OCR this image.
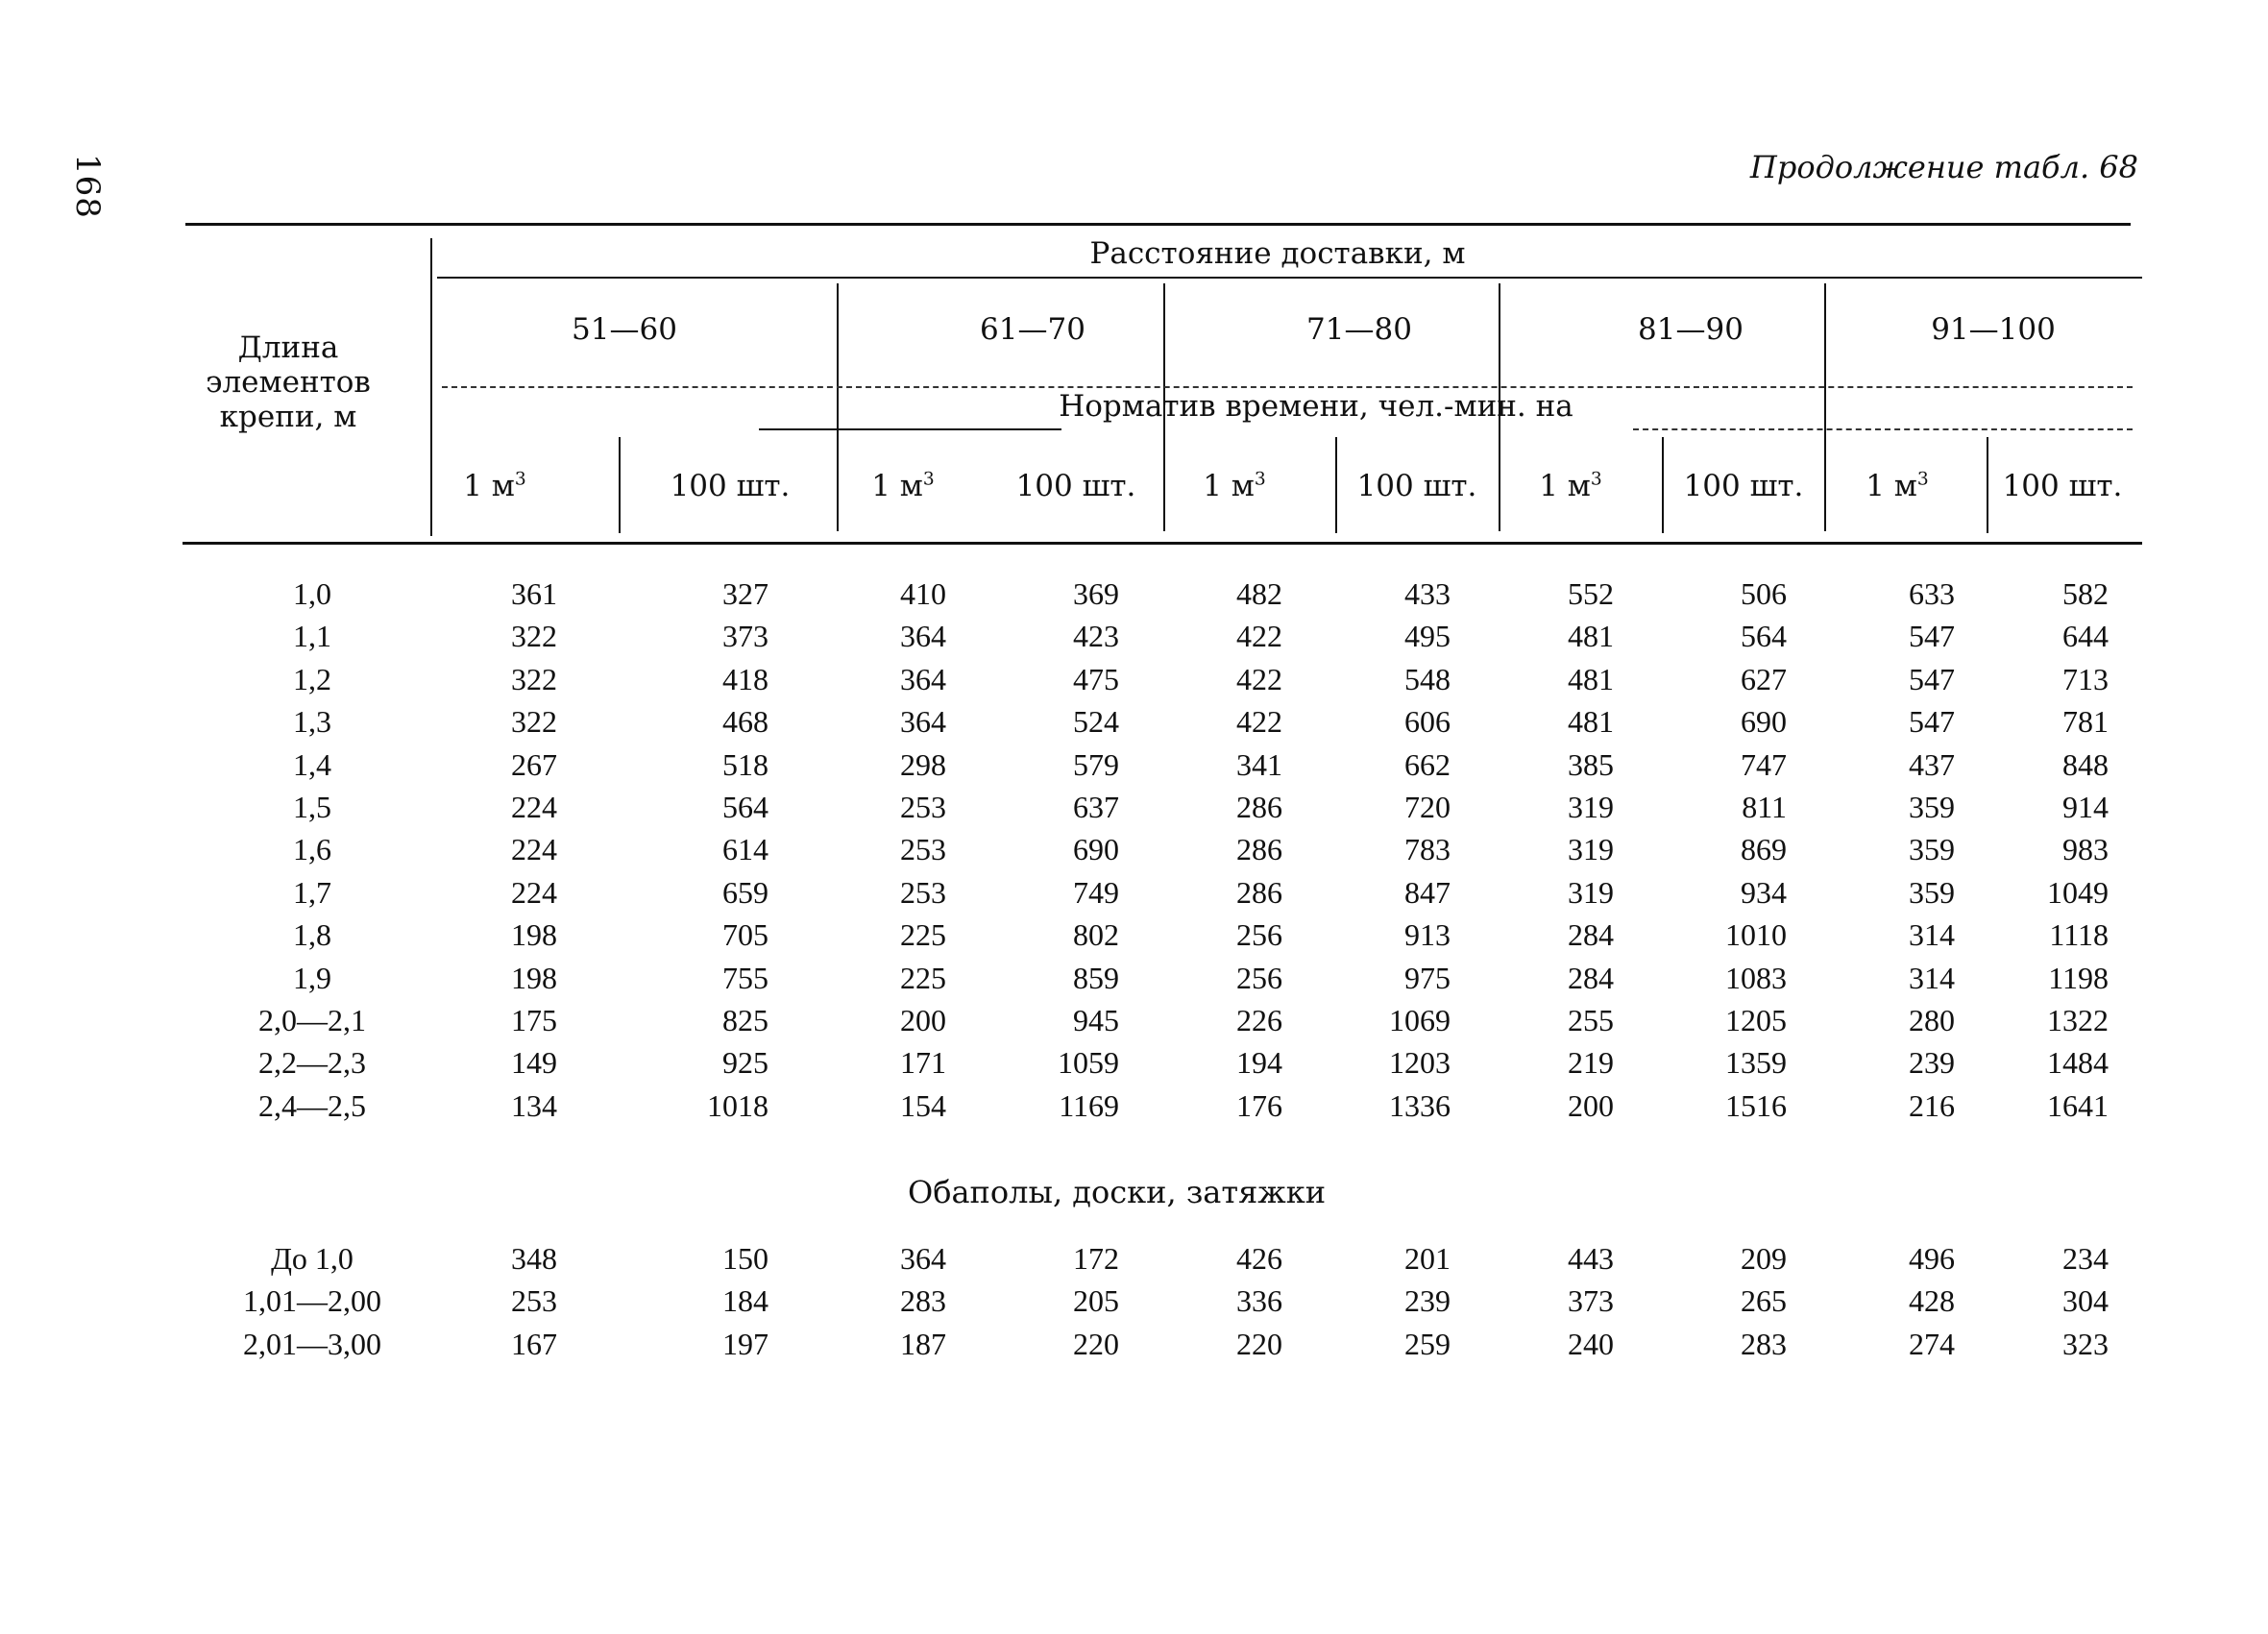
168	Продолжение табл. 68
Длина элементов крепи, м
Расстояние доставки, м
51—60	61—70	71—80	81—90	91—100
Норматив времени, чел.-мин. на
1 $м^3$	100 шт.	1 $м^3$	100 шт.	1 $м^3$	100 шт.	1 $м^3$	100 шт.	1 $м^3$	100 шт.
1,0	361	327	410	369	482	433	552	506	633	582
1,1	322	373	364	423	422	495	481	564	547	644
1,2	322	418	364	475	422	548	481	627	547	713
1,3	322	468	364	524	422	606	481	690	547	781
1,4	267	518	298	579	341	662	385	747	437	848
1,5	224	564	253	637	286	720	319	811	359	914
1,6	224	614	253	690	286	783	319	869	359	983
1,7	224	659	253	749	286	847	319	934	359	1049
1,8	198	705	225	802	256	913	284	1010	314	1118
1,9	198	755	225	859	256	975	284	1083	314	1198
2,0—2,1	175	825	200	945	226	1069	255	1205	280	1322
2,2—2,3	149	925	171	1059	194	1203	219	1359	239	1484
2,4—2,5	134	1018	154	1169	176	1336	200	1516	216	1641
Обаполы, доски, затяжки
До 1,0	348	150	364	172	426	201	443	209	496	234
1,01—2,00	253	184	283	205	336	239	373	265	428	304
2,01—3,00	167	197	187	220	220	259	240	283	274	323
